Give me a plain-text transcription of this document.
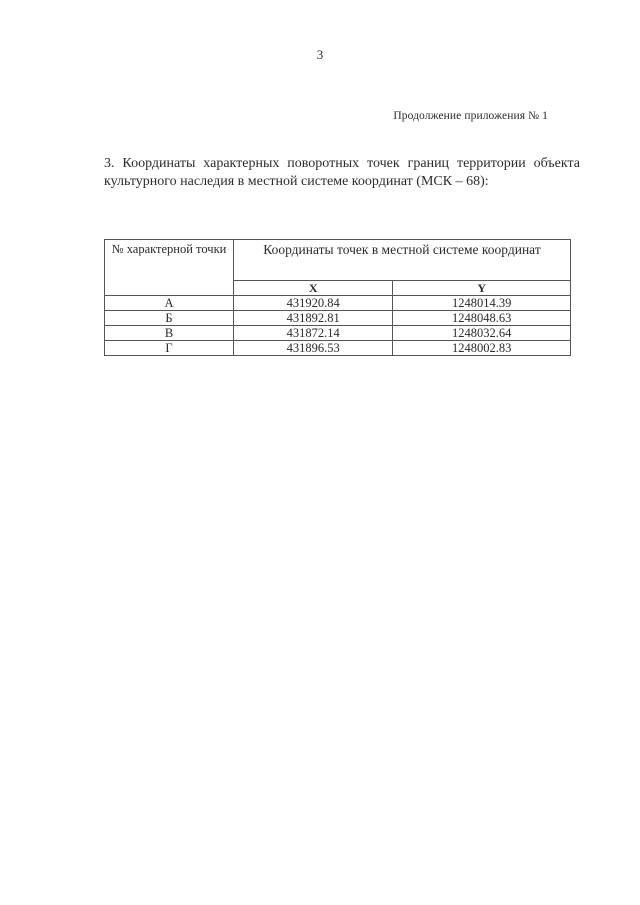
3
Продолжение приложения № 1

3. Координаты характерных поворотных точек границ территории объекта
культурного наследия в местной системе координат (МСК – 68):

№ характерной точки	Координаты точек в местной системе координат	
	X	Y
А	431920.84	1248014.39
Б	431892.81	1248048.63
В	431872.14	1248032.64
Г	431896.53	1248002.83
